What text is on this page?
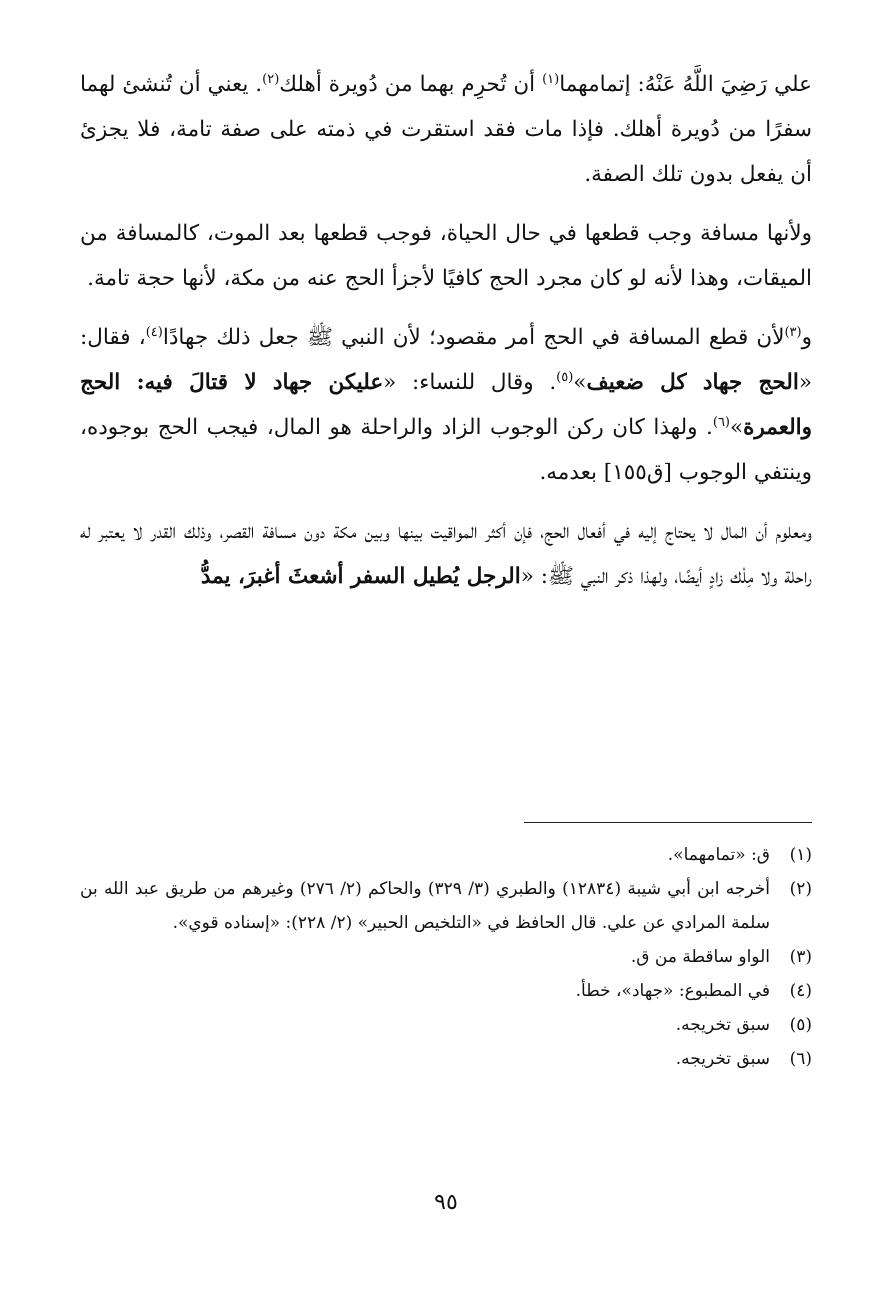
علي رَضِيَ اللَّهُ عَنْهُ: إتمامهما$^{(١)}$ أن تُحرِم بهما من دُويرة أهلك$^{(٢)}$. يعني أن تُنشئ لهما سفرًا من دُويرة أهلك. فإذا مات فقد استقرت في ذمته على صفة تامة، فلا يجزئ أن يفعل بدون تلك الصفة.

ولأنها مسافة وجب قطعها في حال الحياة، فوجب قطعها بعد الموت، كالمسافة من الميقات، وهذا لأنه لو كان مجرد الحج كافيًا لأجزأ الحج عنه من مكة، لأنها حجة تامة.

و$^{(٣)}$لأن قطع المسافة في الحج أمر مقصود؛ لأن النبي ﷺ جعل ذلك جهادًا$^{(٤)}$، فقال: «الحج جهاد كل ضعيف»$^{(٥)}$. وقال للنساء: «عليكن جهاد لا قتالَ فيه: الحج والعمرة»$^{(٦)}$. ولهذا كان ركن الوجوب الزاد والراحلة هو المال، فيجب الحج بوجوده، وينتفي الوجوب [ق١٥٥] بعدمه.

ومعلوم أن المال لا يحتاج إليه في أفعال الحج، فإن أكثر المواقيت بينها وبين مكة دون مسافة القصر، وذلك القدر لا يعتبر له راحلة ولا مِلْك زادٍ أيضًا، ولهذا ذكر النبي ﷺ: «الرجل يُطيل السفر أشعثَ أغبرَ، يمدُّ

(١)
ق: «تمامهما».
(٢)
أخرجه ابن أبي شيبة (١٢٨٣٤) والطبري (٣/ ٣٢٩) والحاكم (٢/ ٢٧٦) وغيرهم من طريق عبد الله بن سلمة المرادي عن علي. قال الحافظ في «التلخيص الحبير» (٢/ ٢٢٨): «إسناده قوي».
(٣)
الواو ساقطة من ق.
(٤)
في المطبوع: «جهاد»، خطأ.
(٥)
سبق تخريجه.
(٦)
سبق تخريجه.
٩٥
